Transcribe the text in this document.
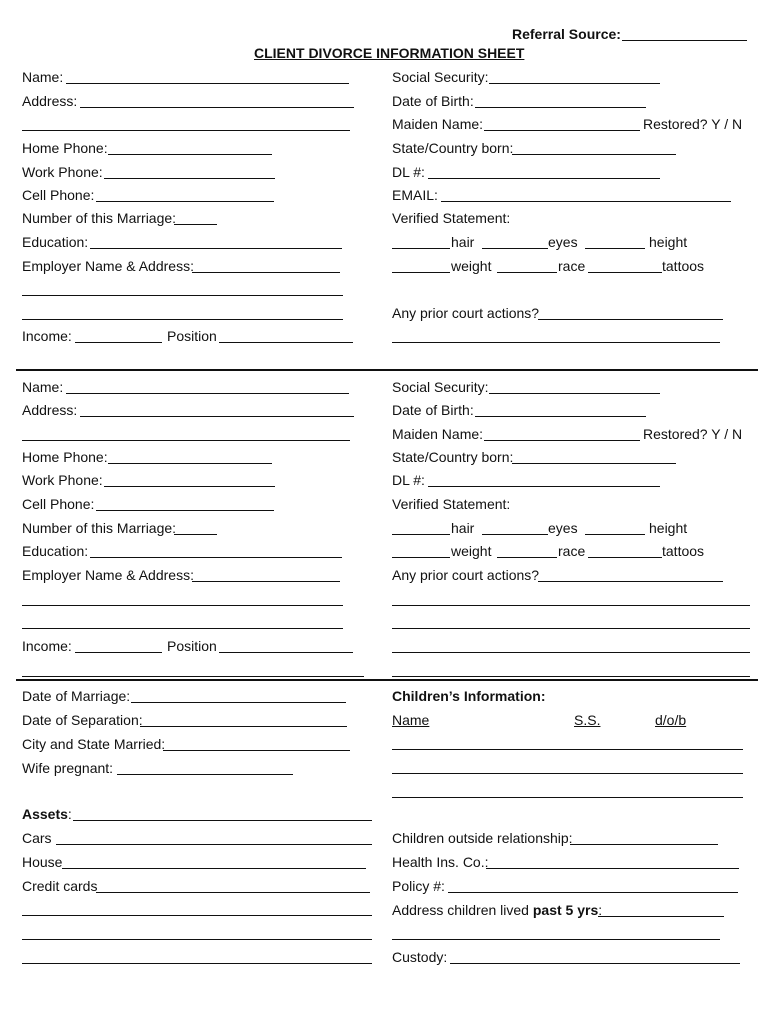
Referral Source:
CLIENT DIVORCE INFORMATION SHEET
Name:
Address:
Home Phone:
Work Phone:
Cell Phone:
Number of this Marriage:
Education:
Employer Name & Address:
Income:	Position
Social Security:
Date of Birth:
Maiden Name:	Restored? Y / N
State/Country born:
DL #:
EMAIL:
Verified Statement:
hair	eyes	height
weight	race	tattoos
Any prior court actions?
Name:
Address:
Home Phone:
Work Phone:
Cell Phone:
Number of this Marriage:
Education:
Employer Name & Address:
Income:	Position
Social Security:
Date of Birth:
Maiden Name:	Restored? Y / N
State/Country born:
DL #:
Verified Statement:
hair	eyes	height
weight	race	tattoos
Any prior court actions?
Date of Marriage:
Date of Separation:
City and State Married:
Wife pregnant:
Assets:
Cars
House
Credit cards
Children’s Information:
Name	S.S.	d/o/b
Children outside relationship:
Health Ins. Co.:
Policy #:
Address children lived past 5 yrs:
Custody:
